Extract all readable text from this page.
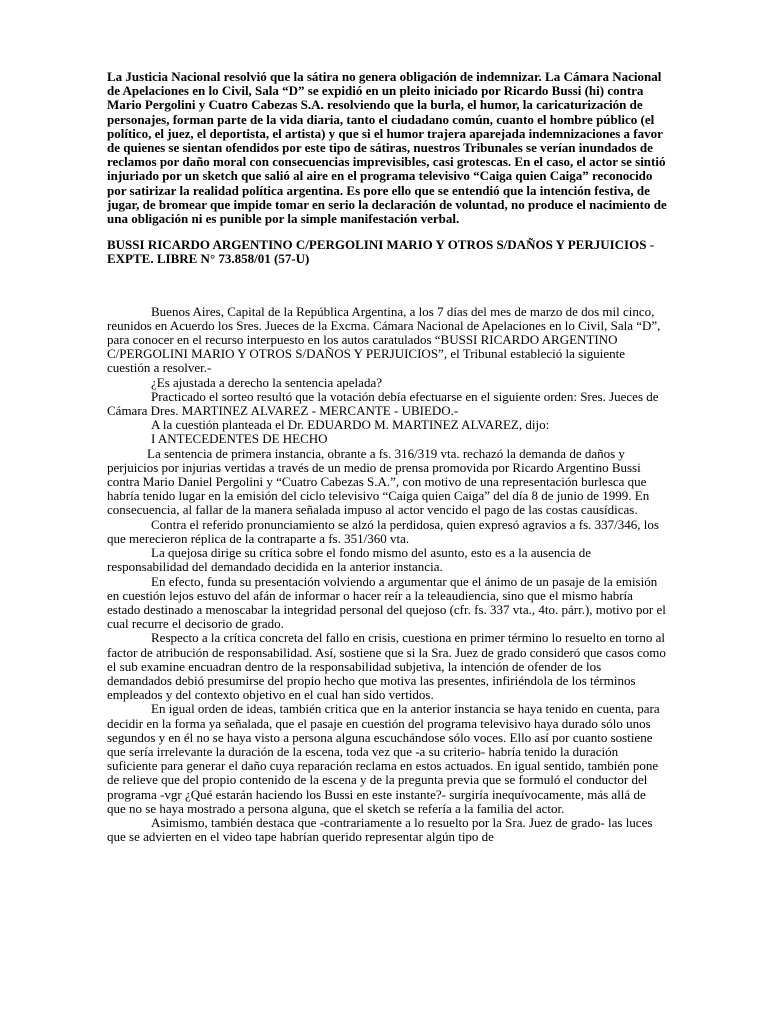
La Justicia Nacional resolvió que la sátira no genera obligación de indemnizar. La Cámara Nacional de Apelaciones en lo Civil, Sala “D” se expidió en un pleito iniciado por Ricardo Bussi (hi) contra Mario Pergolini y Cuatro Cabezas S.A. resolviendo que la burla, el humor, la caricaturización de personajes, forman parte de la vida diaria, tanto el ciudadano común, cuanto el hombre público (el político, el juez, el deportista, el artista) y que si el humor trajera aparejada indemnizaciones a favor de quienes se sientan ofendidos por este tipo de sátiras, nuestros Tribunales se verían inundados de reclamos por daño moral con consecuencias imprevisibles, casi grotescas. En el caso, el actor se sintió injuriado por un sketch que salió al aire en el programa televisivo “Caiga quien Caiga” reconocido por satirizar la realidad política argentina. Es pore ello que se entendió que la intención festiva, de jugar, de bromear que impide tomar en serio la declaración de voluntad, no produce el nacimiento de una obligación ni es punible por la simple manifestación verbal.

BUSSI RICARDO ARGENTINO C/PERGOLINI MARIO Y OTROS S/DAÑOS Y PERJUICIOS - EXPTE. LIBRE N° 73.858/01 (57-U)

Buenos Aires, Capital de la República Argentina, a los 7 días del mes de marzo de dos mil cinco, reunidos en Acuerdo los Sres. Jueces de la Excma. Cámara Nacional de Apelaciones en lo Civil, Sala “D”, para conocer en el recurso interpuesto en los autos caratulados “BUSSI RICARDO ARGENTINO C/PERGOLINI MARIO Y OTROS S/DAÑOS Y PERJUICIOS”, el Tribunal estableció la siguiente cuestión a resolver.-

¿Es ajustada a derecho la sentencia apelada?

Practicado el sorteo resultó que la votación debía efectuarse en el siguiente orden: Sres. Jueces de Cámara Dres. MARTINEZ ALVAREZ - MERCANTE - UBIEDO.-

A la cuestión planteada el Dr. EDUARDO M. MARTINEZ ALVAREZ, dijo:

I ANTECEDENTES DE HECHO

La sentencia de primera instancia, obrante a fs. 316/319 vta. rechazó la demanda de daños y perjuicios por injurias vertidas a través de un medio de prensa promovida por Ricardo Argentino Bussi contra Mario Daniel Pergolini y “Cuatro Cabezas S.A.”, con motivo de una representación burlesca que habría tenido lugar en la emisión del ciclo televisivo “Caiga quien Caiga” del día 8 de junio de 1999. En consecuencia, al fallar de la manera señalada impuso al actor vencido el pago de las costas causídicas.

Contra el referido pronunciamiento se alzó la perdidosa, quien expresó agravios a fs. 337/346, los que merecieron réplica de la contraparte a fs. 351/360 vta.

La quejosa dirige su crítica sobre el fondo mismo del asunto, esto es a la ausencia de responsabilidad del demandado decidida en la anterior instancia.

En efecto, funda su presentación volviendo a argumentar que el ánimo de un pasaje de la emisión en cuestión lejos estuvo del afán de informar o hacer reír a la teleaudiencia, sino que el mismo habría estado destinado a menoscabar la integridad personal del quejoso (cfr. fs. 337 vta., 4to. párr.), motivo por el cual recurre el decisorio de grado.

Respecto a la crítica concreta del fallo en crisis, cuestiona en primer término lo resuelto en torno al factor de atribución de responsabilidad. Así, sostiene que si la Sra. Juez de grado consideró que casos como el sub examine encuadran dentro de la responsabilidad subjetiva, la intención de ofender de los demandados debió presumirse del propio hecho que motiva las presentes, infiriéndola de los términos empleados y del contexto objetivo en el cual han sido vertidos.

En igual orden de ideas, también critica que en la anterior instancia se haya tenido en cuenta, para decidir en la forma ya señalada, que el pasaje en cuestión del programa televisivo haya durado sólo unos segundos y en él no se haya visto a persona alguna escuchándose sólo voces. Ello así por cuanto sostiene que sería irrelevante la duración de la escena, toda vez que -a su criterio- habría tenido la duración suficiente para generar el daño cuya reparación reclama en estos actuados. En igual sentido, también pone de relieve que del propio contenido de la escena y de la pregunta previa que se formuló el conductor del programa -vgr ¿Qué estarán haciendo los Bussi en este instante?- surgiría inequívocamente, más allá de que no se haya mostrado a persona alguna, que el sketch se refería a la familia del actor.

Asimismo, también destaca que -contrariamente a lo resuelto por la Sra. Juez de grado- las luces que se advierten en el video tape habrían querido representar algún tipo de
